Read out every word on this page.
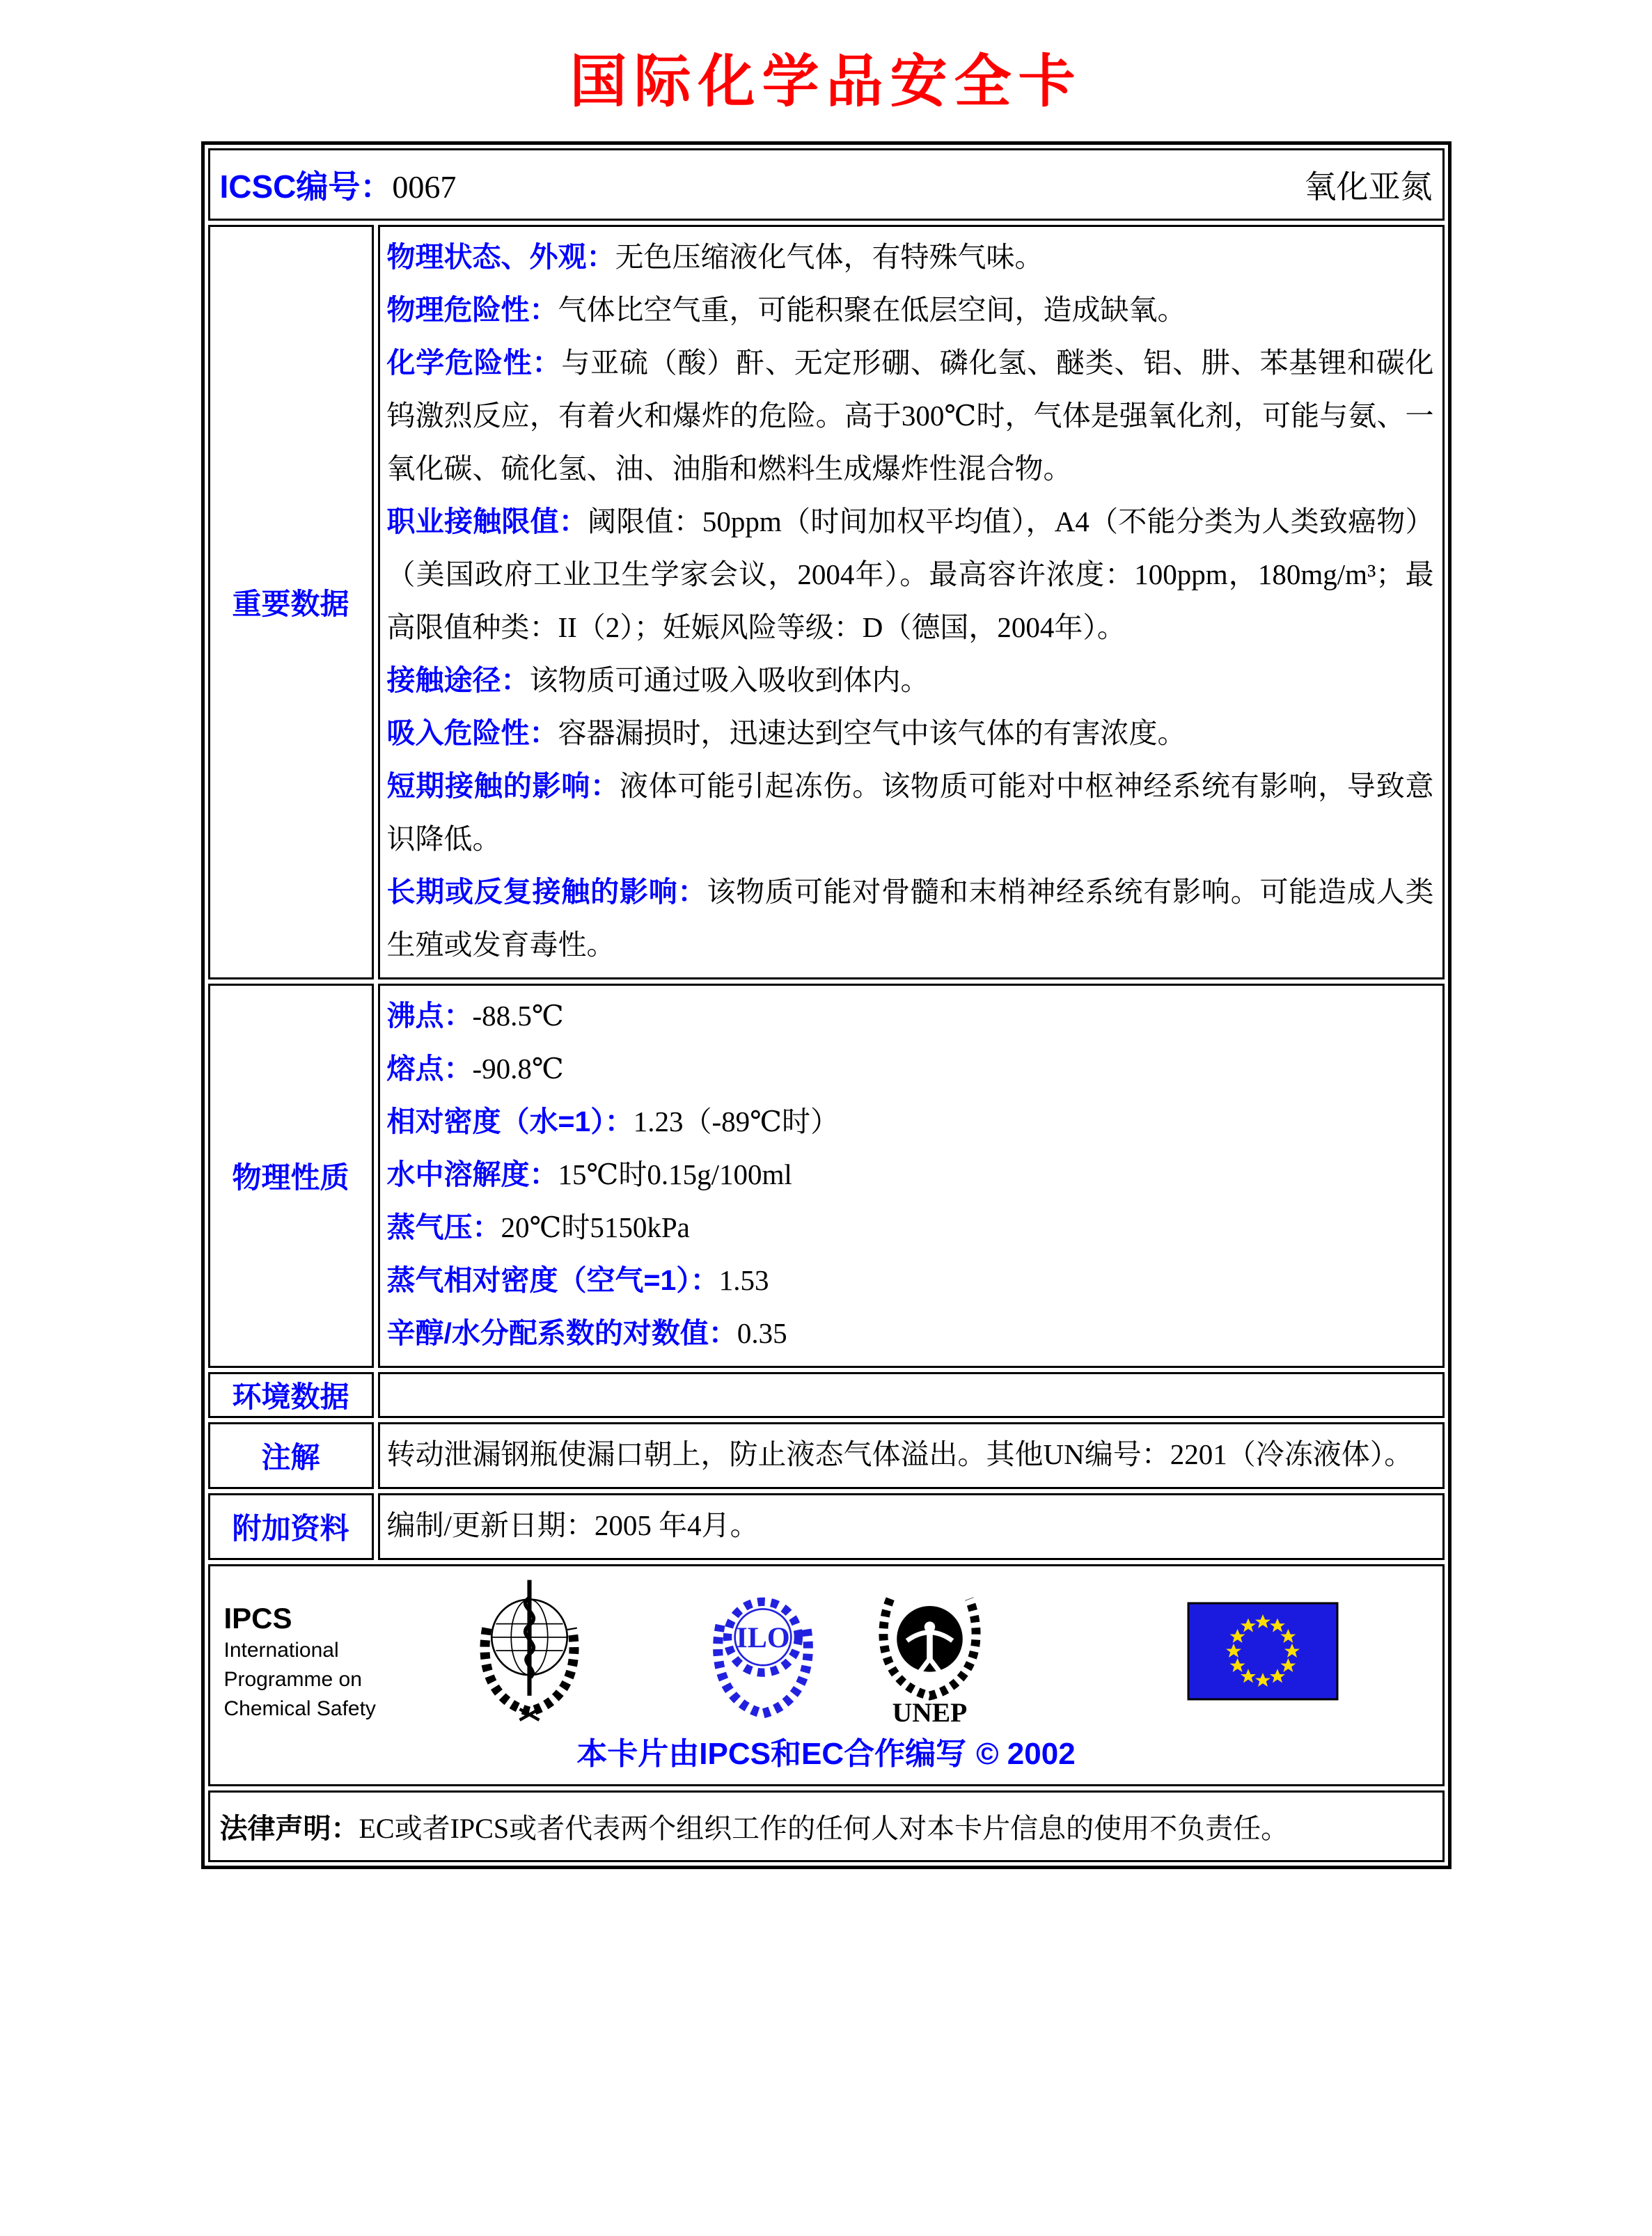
国际化学品安全卡
ICSC编号：0067	氧化亚氮
重要数据

物理状态、外观：无色压缩液化气体，有特殊气味。

物理危险性：气体比空气重，可能积聚在低层空间，造成缺氧。

化学危险性：与亚硫（酸）酐、无定形硼、磷化氢、醚类、铝、肼、苯基锂和碳化钨激烈反应，有着火和爆炸的危险。高于300℃时，气体是强氧化剂，可能与氨、一氧化碳、硫化氢、油、油脂和燃料生成爆炸性混合物。

职业接触限值：阈限值：50ppm（时间加权平均值），A4（不能分类为人类致癌物）（美国政府工业卫生学家会议，2004年）。最高容许浓度：100ppm，180mg/m³；最高限值种类：II（2）；妊娠风险等级：D（德国，2004年）。

接触途径：该物质可通过吸入吸收到体内。

吸入危险性：容器漏损时，迅速达到空气中该气体的有害浓度。

短期接触的影响：液体可能引起冻伤。该物质可能对中枢神经系统有影响，导致意识降低。

长期或反复接触的影响：该物质可能对骨髓和末梢神经系统有影响。可能造成人类生殖或发育毒性。

物理性质

沸点：-88.5℃

熔点：-90.8℃

相对密度（水=1）：1.23（-89℃时）

水中溶解度：15℃时0.15g/100ml

蒸气压：20℃时5150kPa

蒸气相对密度（空气=1）：1.53

辛醇/水分配系数的对数值：0.35

环境数据
注解	转动泄漏钢瓶使漏口朝上，防止液态气体溢出。其他UN编号：2201（冷冻液体）。

附加资料	编制/更新日期：2005 年4月。

IPCS
International
Programme on
Chemical Safety
ILO
UNEP
本卡片由IPCS和EC合作编写 © 2002
法律声明：EC或者IPCS或者代表两个组织工作的任何人对本卡片信息的使用不负责任。
